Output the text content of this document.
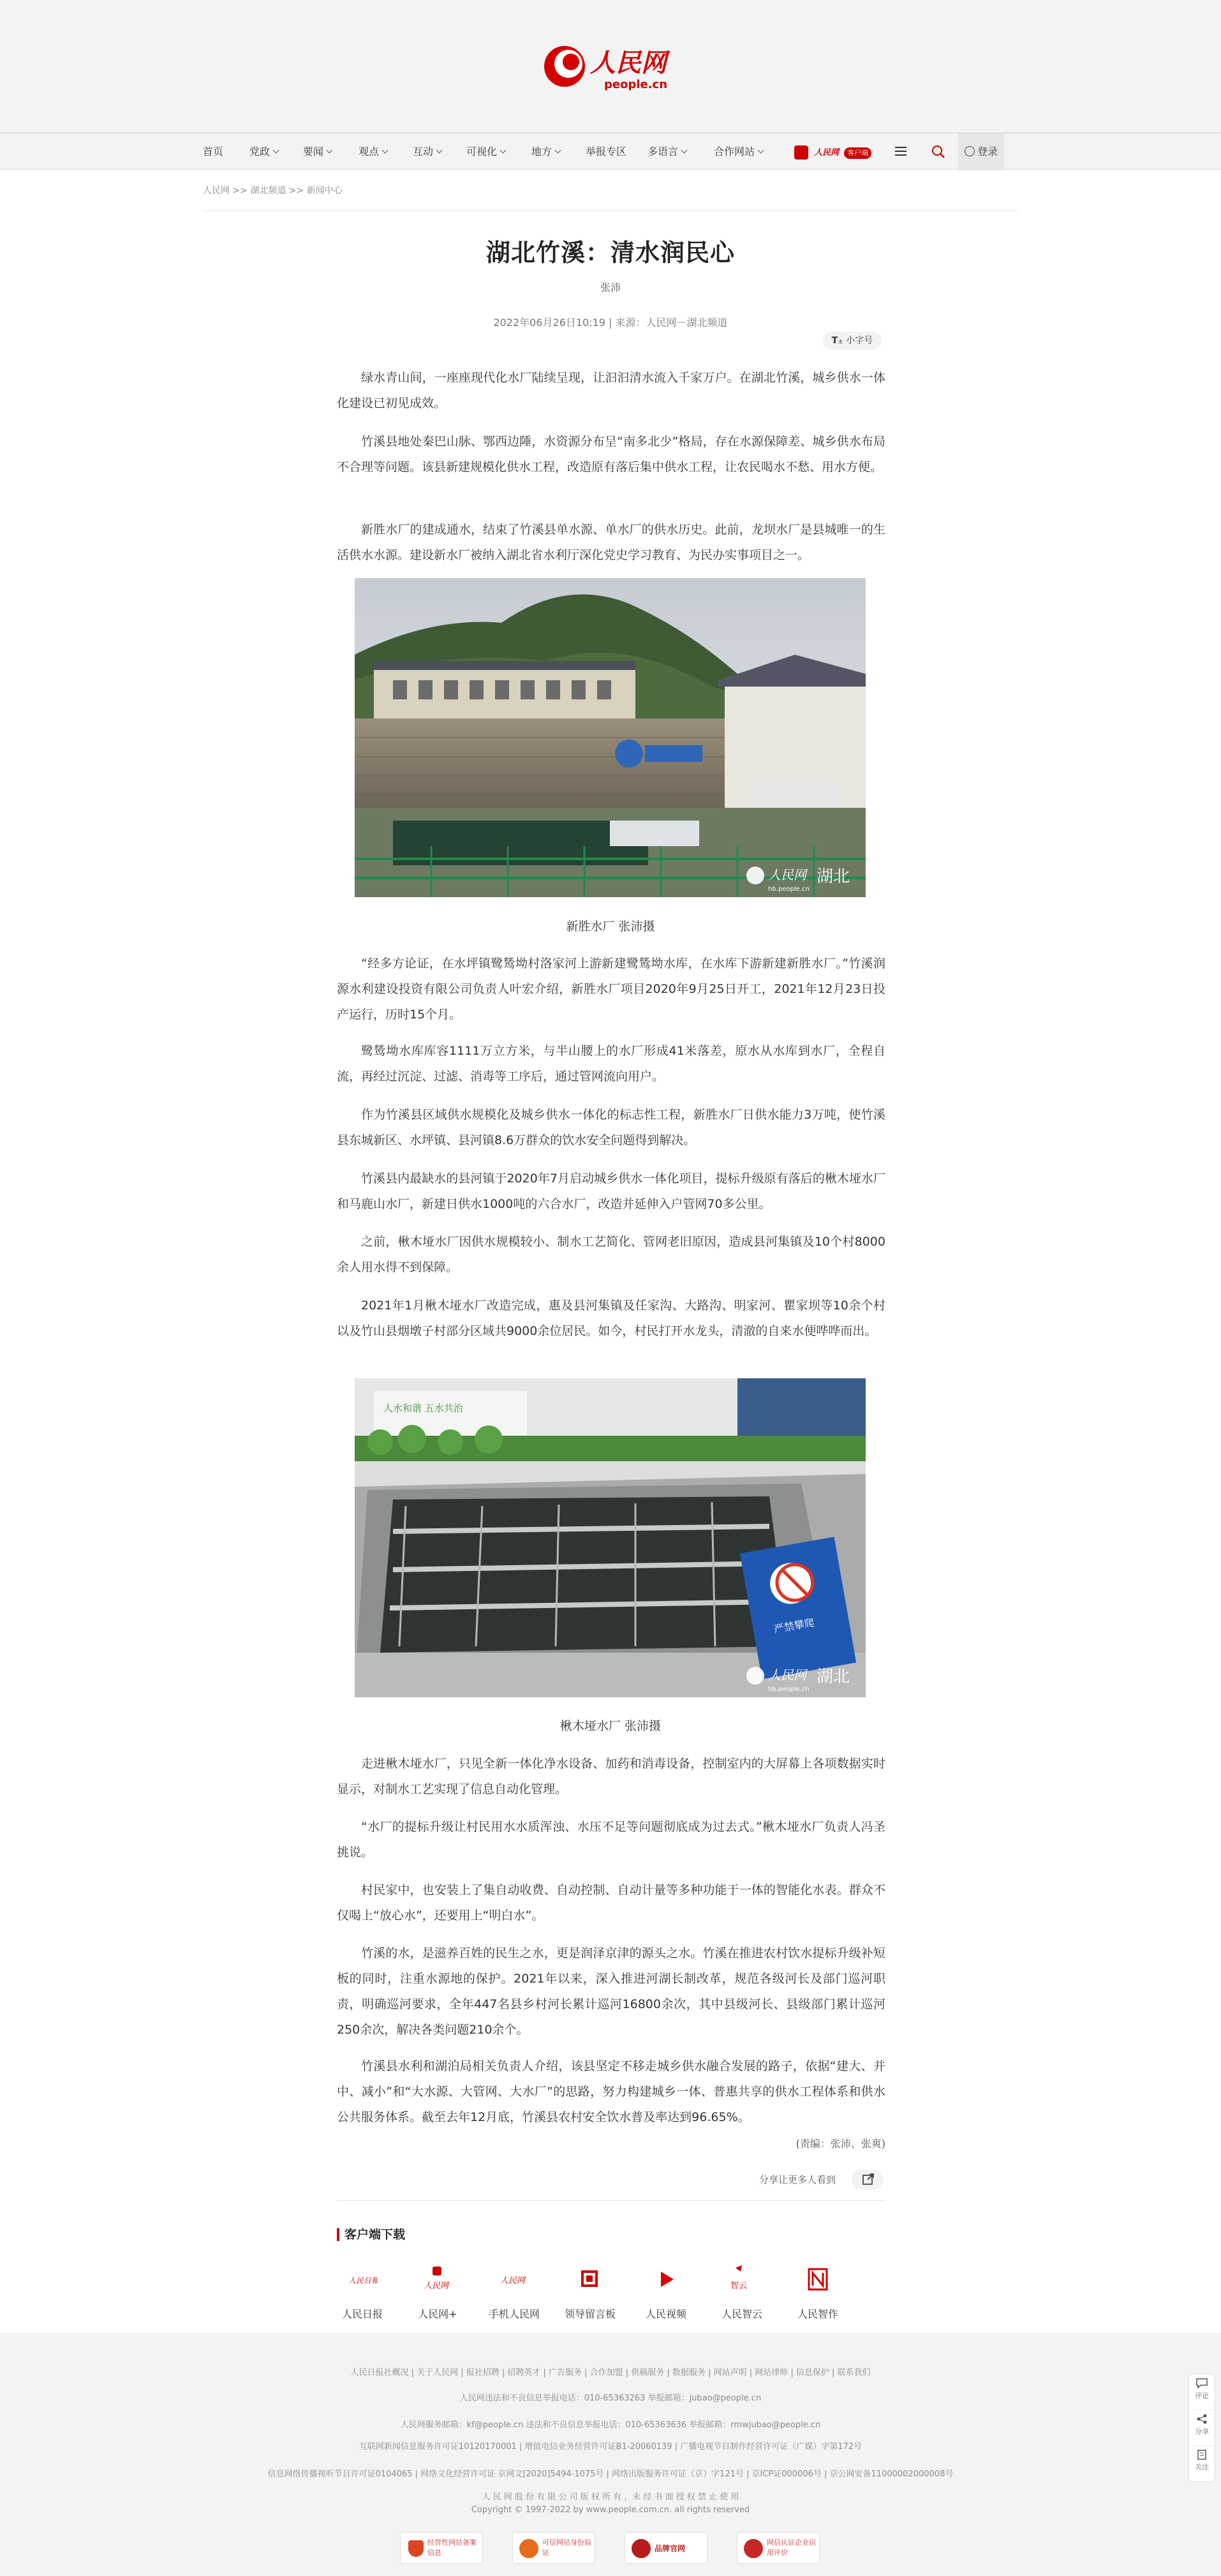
人民网
people.cn
首页	党政	要闻	观点	互动	可视化	地方	举报专区 多语言	合作网站	人民网 客户端	登录
人民网 >> 湖北频道 >> 新闻中心
湖北竹溪：清水润民心
张沛
2022年06月26日10:19 | 来源：人民网－湖北频道
T± 小字号

绿水青山间，一座座现代化水厂陆续呈现，让汩汩清水流入千家万户。在湖北竹溪，城乡供水一体化建设已初见成效。

竹溪县地处秦巴山脉、鄂西边陲，水资源分布呈“南多北少”格局，存在水源保障差、城乡供水布局不合理等问题。该县新建规模化供水工程，改造原有落后集中供水工程，让农民喝水不愁、用水方便。

新胜水厂的建成通水，结束了竹溪县单水源、单水厂的供水历史。此前，龙坝水厂是县城唯一的生活供水水源。建设新水厂被纳入湖北省水利厅深化党史学习教育、为民办实事项目之一。

人民网 湖北
hb.people.cn
新胜水厂 张沛摄

“经多方论证，在水坪镇鹭鸶坳村洛家河上游新建鹭鸶坳水库，在水库下游新建新胜水厂。”竹溪润源水利建设投资有限公司负责人叶宏介绍，新胜水厂项目2020年9月25日开工，2021年12月23日投产运行，历时15个月。

鹭鸶坳水库库容1111万立方米，与半山腰上的水厂形成41米落差，原水从水库到水厂，全程自流，再经过沉淀、过滤、消毒等工序后，通过管网流向用户。

作为竹溪县区域供水规模化及城乡供水一体化的标志性工程，新胜水厂日供水能力3万吨，使竹溪县东城新区、水坪镇、县河镇8.6万群众的饮水安全问题得到解决。

竹溪县内最缺水的县河镇于2020年7月启动城乡供水一体化项目，提标升级原有落后的楸木垭水厂和马鹿山水厂，新建日供水1000吨的六合水厂，改造并延伸入户管网70多公里。

之前，楸木垭水厂因供水规模较小、制水工艺简化、管网老旧原因，造成县河集镇及10个村8000余人用水得不到保障。

2021年1月楸木垭水厂改造完成，惠及县河集镇及任家沟、大路沟、明家河、瞿家坝等10余个村以及竹山县烟墩子村部分区域共9000余位居民。如今，村民打开水龙头，清澈的自来水便哗哗而出。

人水和谐 五水共治
严禁攀爬
人民网 湖北
hb.people.cn
楸木垭水厂 张沛摄

走进楸木垭水厂，只见全新一体化净水设备、加药和消毒设备，控制室内的大屏幕上各项数据实时显示，对制水工艺实现了信息自动化管理。

“水厂的提标升级让村民用水水质浑浊、水压不足等问题彻底成为过去式。”楸木垭水厂负责人冯圣挑说。

村民家中，也安装上了集自动收费、自动控制、自动计量等多种功能于一体的智能化水表。群众不仅喝上“放心水”，还要用上“明白水”。

竹溪的水，是滋养百姓的民生之水，更是润泽京津的源头之水。竹溪在推进农村饮水提标升级补短板的同时，注重水源地的保护。2021年以来，深入推进河湖长制改革，规范各级河长及部门巡河职责，明确巡河要求，全年447名县乡村河长累计巡河16800余次，其中县级河长、县级部门累计巡河250余次，解决各类问题210余个。

竹溪县水利和湖泊局相关负责人介绍，该县坚定不移走城乡供水融合发展的路子，依据“建大、并中、减小”和“大水源、大管网、大水厂”的思路，努力构建城乡一体、普惠共享的供水工程体系和供水公共服务体系。截至去年12月底，竹溪县农村安全饮水普及率达到96.65%。

(责编：张沛、张爽)
分享让更多人看到
客户端下载
人民日報
人民日报
人民网
人民网+
人民网
手机人民网	领导留言板	人民视频
智云
人民智云	人民智作
人民日报社概况 | 关于人民网 | 报社招聘 | 招聘英才 | 广告服务 | 合作加盟 | 供稿服务 | 数据服务 | 网站声明 | 网站律师 | 信息保护 | 联系我们
人民网违法和不良信息举报电话：010-65363263 举报邮箱：jubao@people.cn
人民网服务邮箱：kf@people.cn 违法和不良信息举报电话：010-65363636 举报邮箱：rmwjubao@people.cn
互联网新闻信息服务许可证10120170001 | 增值电信业务经营许可证B1-20060139 | 广播电视节目制作经营许可证（广媒）字第172号
信息网络传播视听节目许可证0104065 | 网络文化经营许可证 京网文[2020]5494-1075号 | 网络出版服务许可证（京）字121号 | 京ICP证000006号 | 京公网安备11000002000008号
人 民 网 股 份 有 限 公 司 版 权 所 有 ，未 经 书 面 授 权 禁 止 使 用
Copyright © 1997-2022 by www.people.com.cn. all rights reserved
经营性网站备案信息
可信网站身份验证	品牌官网
网信认证企业信用评价
评论
分享
关注
